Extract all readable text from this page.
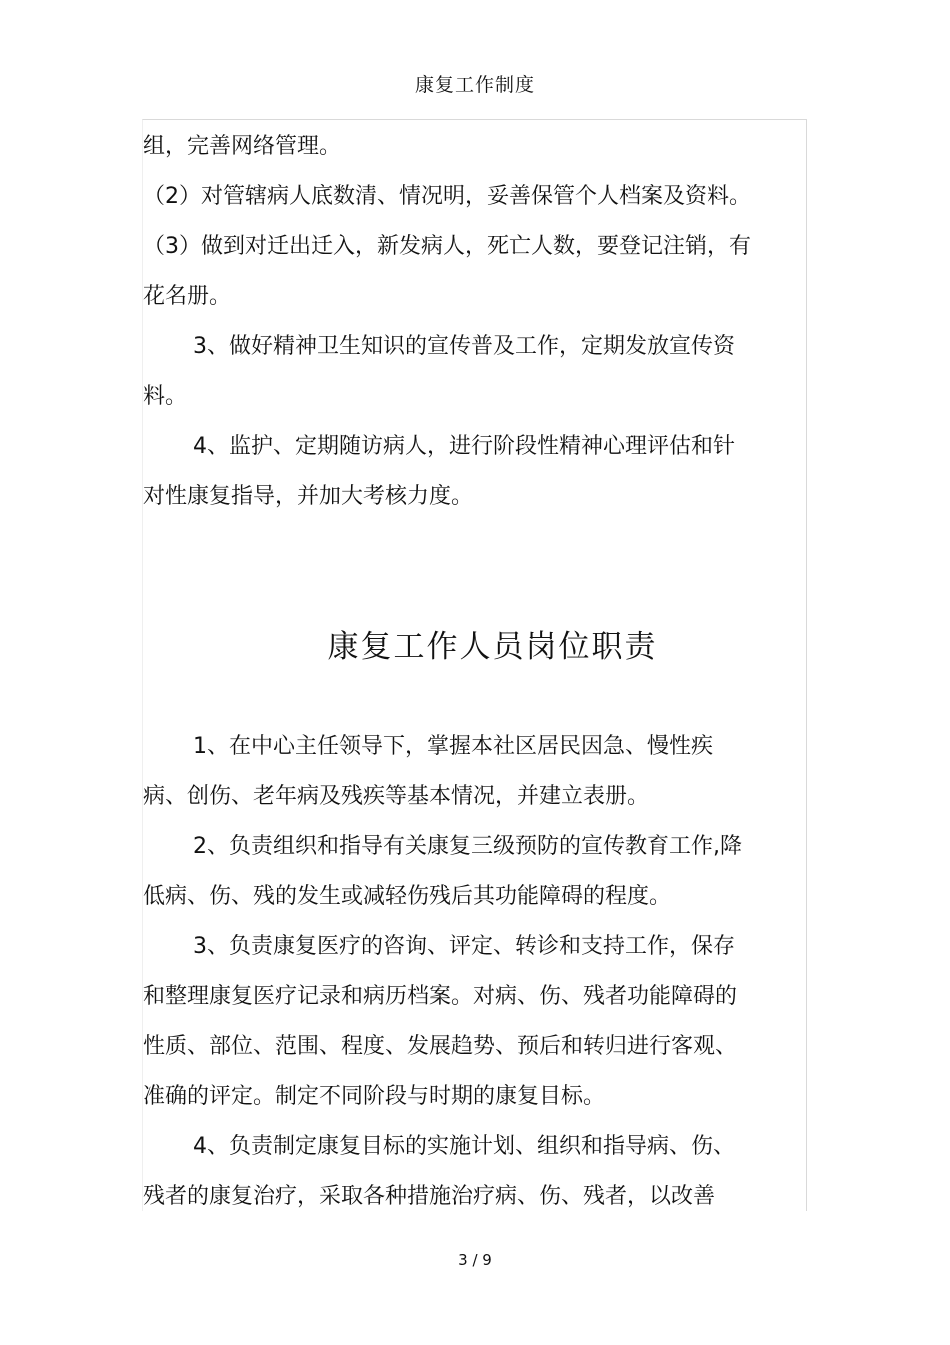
康复工作制度

组，完善网络管理。

（2）对管辖病人底数清、情况明，妥善保管个人档案及资料。

（3）做到对迁出迁入，新发病人，死亡人数，要登记注销，有花名册。

3、做好精神卫生知识的宣传普及工作，定期发放宣传资料。

4、监护、定期随访病人，进行阶段性精神心理评估和针对性康复指导，并加大考核力度。

康复工作人员岗位职责

1、在中心主任领导下，掌握本社区居民因急、慢性疾病、创伤、老年病及残疾等基本情况，并建立表册。

2、负责组织和指导有关康复三级预防的宣传教育工作,降低病、伤、残的发生或减轻伤残后其功能障碍的程度。

3、负责康复医疗的咨询、评定、转诊和支持工作，保存和整理康复医疗记录和病历档案。对病、伤、残者功能障碍的性质、部位、范围、程度、发展趋势、预后和转归进行客观、准确的评定。制定不同阶段与时期的康复目标。

4、负责制定康复目标的实施计划、组织和指导病、伤、残者的康复治疗，采取各种措施治疗病、伤、残者，以改善

3 / 9
